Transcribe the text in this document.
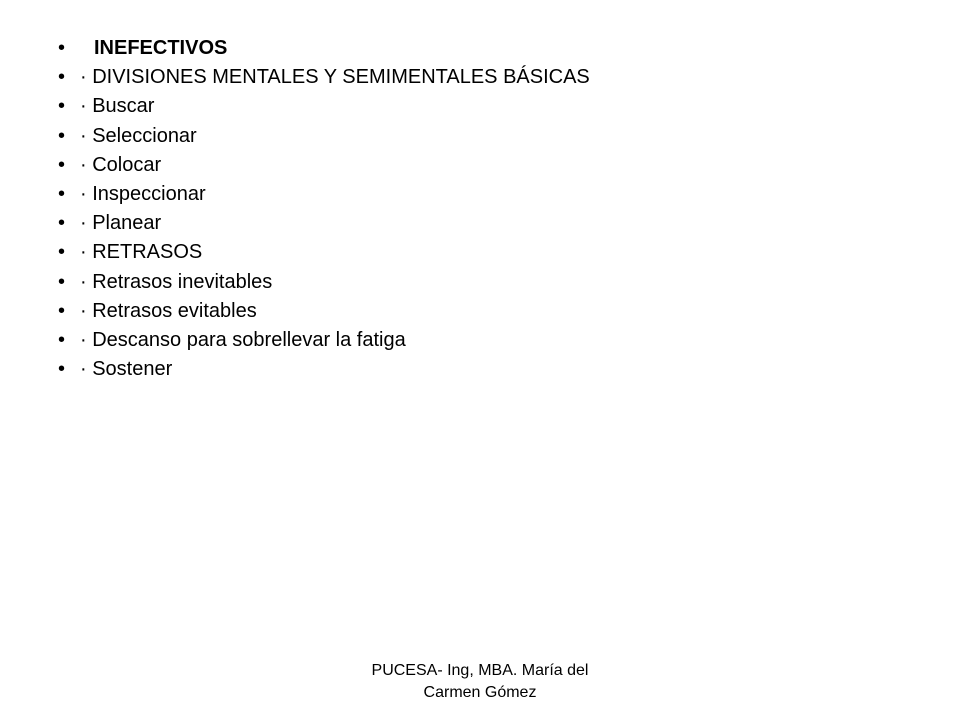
•	INEFECTIVOS
• · DIVISIONES MENTALES Y SEMIMENTALES BÁSICAS
• · Buscar
• · Seleccionar
• · Colocar
• · Inspeccionar
• · Planear
• · RETRASOS
• · Retrasos inevitables
• · Retrasos evitables
• · Descanso para sobrellevar la fatiga
• · Sostener
PUCESA- Ing, MBA. María del
Carmen Gómez
